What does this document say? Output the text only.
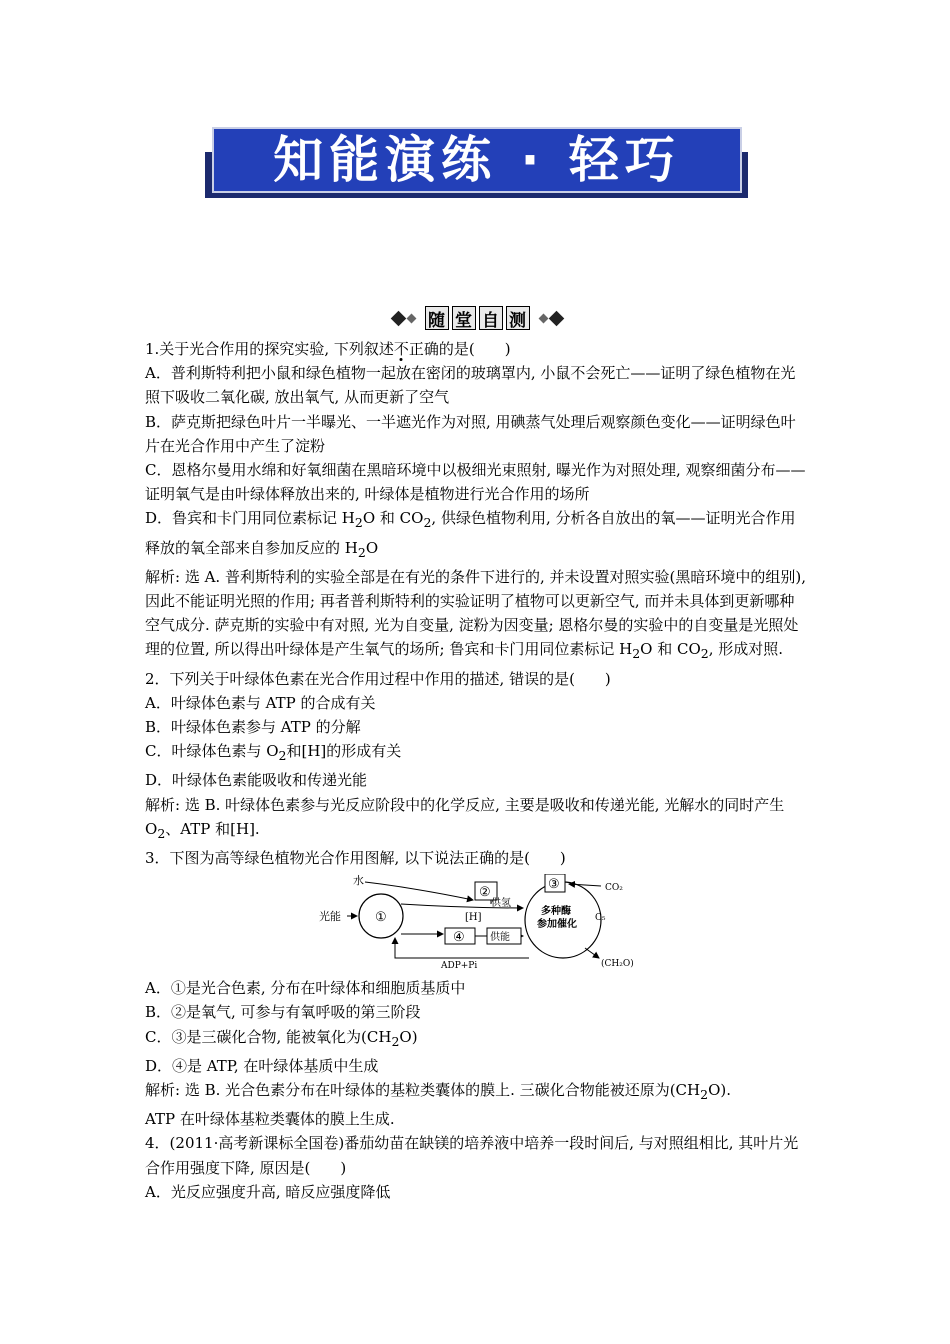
知能演练 · 轻巧
随 堂 自 测

1.关于光合作用的探究实验, 下列叙述不正确的是(　　)

A．普利斯特利把小鼠和绿色植物一起放在密闭的玻璃罩内, 小鼠不会死亡——证明了绿色植物在光照下吸收二氧化碳, 放出氧气, 从而更新了空气

B．萨克斯把绿色叶片一半曝光、一半遮光作为对照, 用碘蒸气处理后观察颜色变化——证明绿色叶片在光合作用中产生了淀粉

C．恩格尔曼用水绵和好氧细菌在黑暗环境中以极细光束照射, 曝光作为对照处理, 观察细菌分布——证明氧气是由叶绿体释放出来的, 叶绿体是植物进行光合作用的场所

D．鲁宾和卡门用同位素标记 $H_2O$ 和 $CO_2$, 供绿色植物利用, 分析各自放出的氧——证明光合作用释放的氧全部来自参加反应的 $H_2O$

解析: 选 A. 普利斯特利的实验全部是在有光的条件下进行的, 并未设置对照实验(黑暗环境中的组别), 因此不能证明光照的作用; 再者普利斯特利的实验证明了植物可以更新空气, 而并未具体到更新哪种空气成分. 萨克斯的实验中有对照, 光为自变量, 淀粉为因变量; 恩格尔曼的实验中的自变量是光照处理的位置, 所以得出叶绿体是产生氧气的场所; 鲁宾和卡门用同位素标记 $H_2O$ 和 $CO_2$, 形成对照.

2．下列关于叶绿体色素在光合作用过程中作用的描述, 错误的是(　　)

A．叶绿体色素与 ATP 的合成有关

B．叶绿体色素参与 ATP 的分解

C．叶绿体色素与 $O_2$和[H]的形成有关

D．叶绿体色素能吸收和传递光能

解析: 选 B. 叶绿体色素参与光反应阶段中的化学反应, 主要是吸收和传递光能, 光解水的同时产生 $O_2$、ATP 和[H].

3．下图为高等绿色植物光合作用图解, 以下说法正确的是(　　)

光能	①
水
②
[H]
供氢
④	供能
ADP+Pi
③	CO₂
多种酶
参加催化
C₅
(CH₂O)

A．①是光合色素, 分布在叶绿体和细胞质基质中

B．②是氧气, 可参与有氧呼吸的第三阶段

C．③是三碳化合物, 能被氧化为$(CH_2O)$

D．④是 ATP, 在叶绿体基质中生成

解析: 选 B. 光合色素分布在叶绿体的基粒类囊体的膜上. 三碳化合物能被还原为$(CH_2O)$.

ATP 在叶绿体基粒类囊体的膜上生成.

4．(2011·高考新课标全国卷)番茄幼苗在缺镁的培养液中培养一段时间后, 与对照组相比, 其叶片光合作用强度下降, 原因是(　　)

A．光反应强度升高, 暗反应强度降低
